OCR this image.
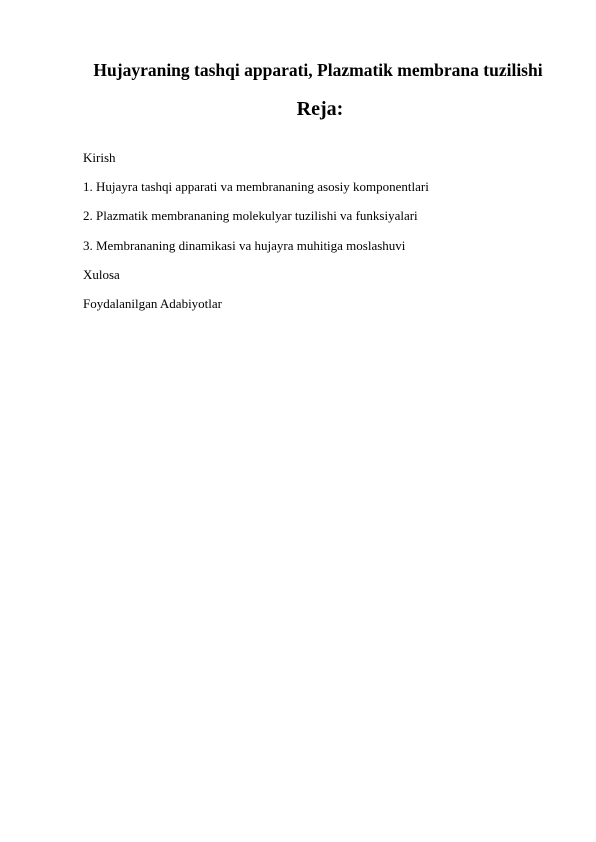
Hujayraning tashqi apparati, Plazmatik membrana tuzilishi
Reja:
Kirish
1. Hujayra tashqi apparati va membrananing asosiy komponentlari
2. Plazmatik membrananing molekulyar tuzilishi va funksiyalari
3. Membrananing dinamikasi va hujayra muhitiga moslashuvi
Xulosa
Foydalanilgan Adabiyotlar
